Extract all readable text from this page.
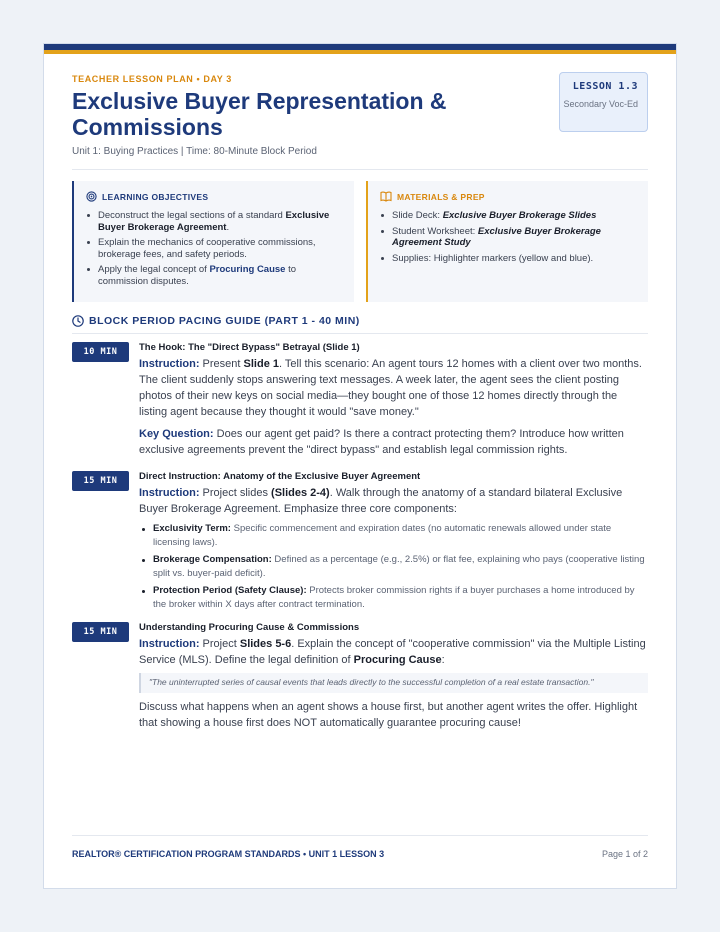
LESSON 1.3
Secondary Voc-Ed
TEACHER LESSON PLAN • DAY 3
Exclusive Buyer Representation & Commissions
Unit 1: Buying Practices | Time: 80-Minute Block Period
LEARNING OBJECTIVES
Deconstruct the legal sections of a standard Exclusive Buyer Brokerage Agreement.
Explain the mechanics of cooperative commissions, brokerage fees, and safety periods.
Apply the legal concept of Procuring Cause to commission disputes.
MATERIALS & PREP
Slide Deck: Exclusive Buyer Brokerage Slides
Student Worksheet: Exclusive Buyer Brokerage Agreement Study
Supplies: Highlighter markers (yellow and blue).
BLOCK PERIOD PACING GUIDE (PART 1 - 40 MIN)
10 MIN	The Hook: The "Direct Bypass" Betrayal (Slide 1)

Instruction: Present Slide 1. Tell this scenario: An agent tours 12 homes with a client over two months. The client suddenly stops answering text messages. A week later, the agent sees the client posting photos of their new keys on social media—they bought one of those 12 homes directly through the listing agent because they thought it would "save money."

Key Question: Does our agent get paid? Is there a contract protecting them? Introduce how written exclusive agreements prevent the "direct bypass" and establish legal commission rights.

15 MIN	Direct Instruction: Anatomy of the Exclusive Buyer Agreement

Instruction: Project slides (Slides 2-4). Walk through the anatomy of a standard bilateral Exclusive Buyer Brokerage Agreement. Emphasize three core components:

Exclusivity Term: Specific commencement and expiration dates (no automatic renewals allowed under state licensing laws).
Brokerage Compensation: Defined as a percentage (e.g., 2.5%) or flat fee, explaining who pays (cooperative listing split vs. buyer-paid deficit).
Protection Period (Safety Clause): Protects broker commission rights if a buyer purchases a home introduced by the broker within X days after contract termination.
15 MIN	Understanding Procuring Cause & Commissions

Instruction: Project Slides 5-6. Explain the concept of "cooperative commission" via the Multiple Listing Service (MLS). Define the legal definition of Procuring Cause:

"The uninterrupted series of causal events that leads directly to the successful completion of a real estate transaction."

Discuss what happens when an agent shows a house first, but another agent writes the offer. Highlight that showing a house first does NOT automatically guarantee procuring cause!

REALTOR® CERTIFICATION PROGRAM STANDARDS • UNIT 1 LESSON 3	Page 1 of 2
